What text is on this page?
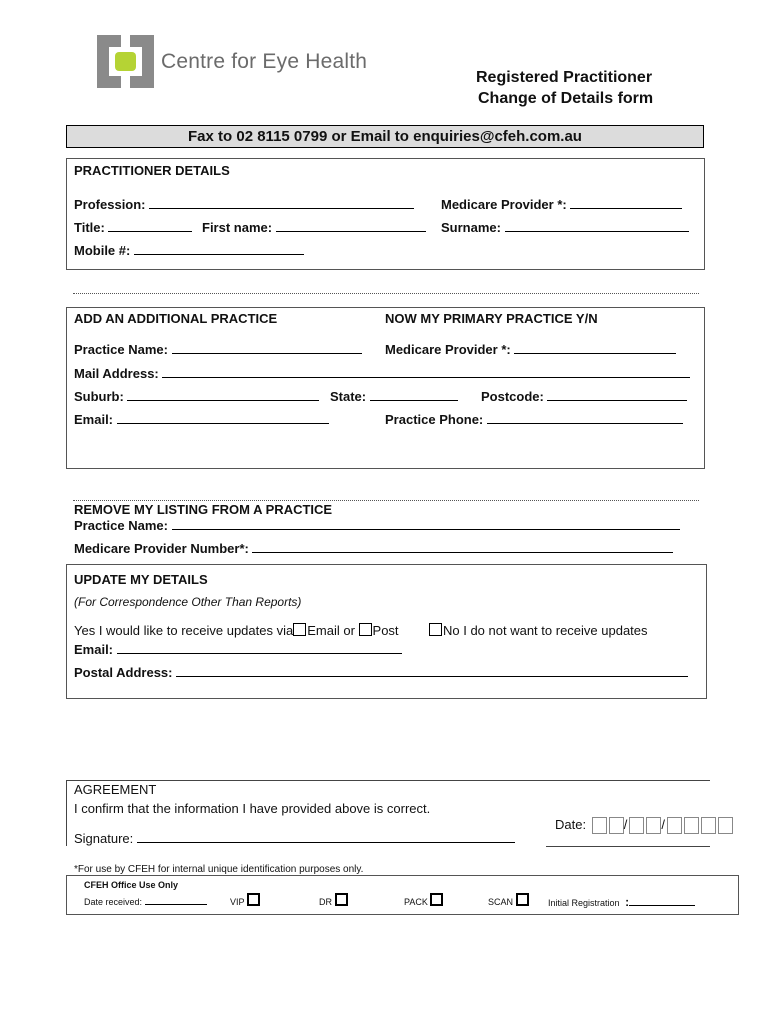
Centre for Eye Health
Registered Practitioner
Change of Details form
Fax to 02 8115 0799 or Email to enquiries@cfeh.com.au
PRACTITIONER DETAILS
Profession:	Medicare Provider *:
Title:	First name:	Surname:
Mobile #:
ADD AN ADDITIONAL PRACTICE	NOW MY PRIMARY PRACTICE Y/N
Practice Name:	Medicare Provider *:
Mail Address:
Suburb:	State:	Postcode:
Email:	Practice Phone:
REMOVE MY LISTING FROM A PRACTICE
Practice Name:
Medicare Provider Number*:
UPDATE MY DETAILS
(For Correspondence Other Than Reports)
Yes I would like to receive updates via Email or Post	No I do not want to receive updates
Email:
Postal Address:
AGREEMENT
I confirm that the information I have provided above is correct.
Signature:
Date:	/	/
*For use by CFEH for internal unique identification purposes only.
CFEH Office Use Only
Date received:	VIP	DR	PACK	SCAN	Initial Registration :
